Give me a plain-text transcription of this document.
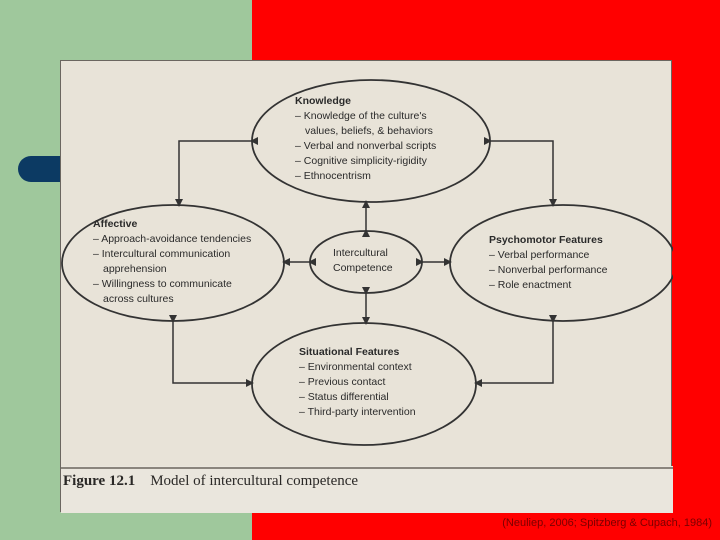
Knowledge
– Knowledge of the culture's
values, beliefs, & behaviors
– Verbal and nonverbal scripts
– Cognitive simplicity-rigidity
– Ethnocentrism
Affective
– Approach-avoidance tendencies
– Intercultural communication
apprehension
– Willingness to communicate
across cultures
Intercultural
Competence
Psychomotor Features
– Verbal performance
– Nonverbal performance
– Role enactment
Situational Features
– Environmental context
– Previous contact
– Status differential
– Third-party intervention
Figure 12.1 Model of intercultural competence
(Neuliep, 2006; Spitzberg & Cupach, 1984)
